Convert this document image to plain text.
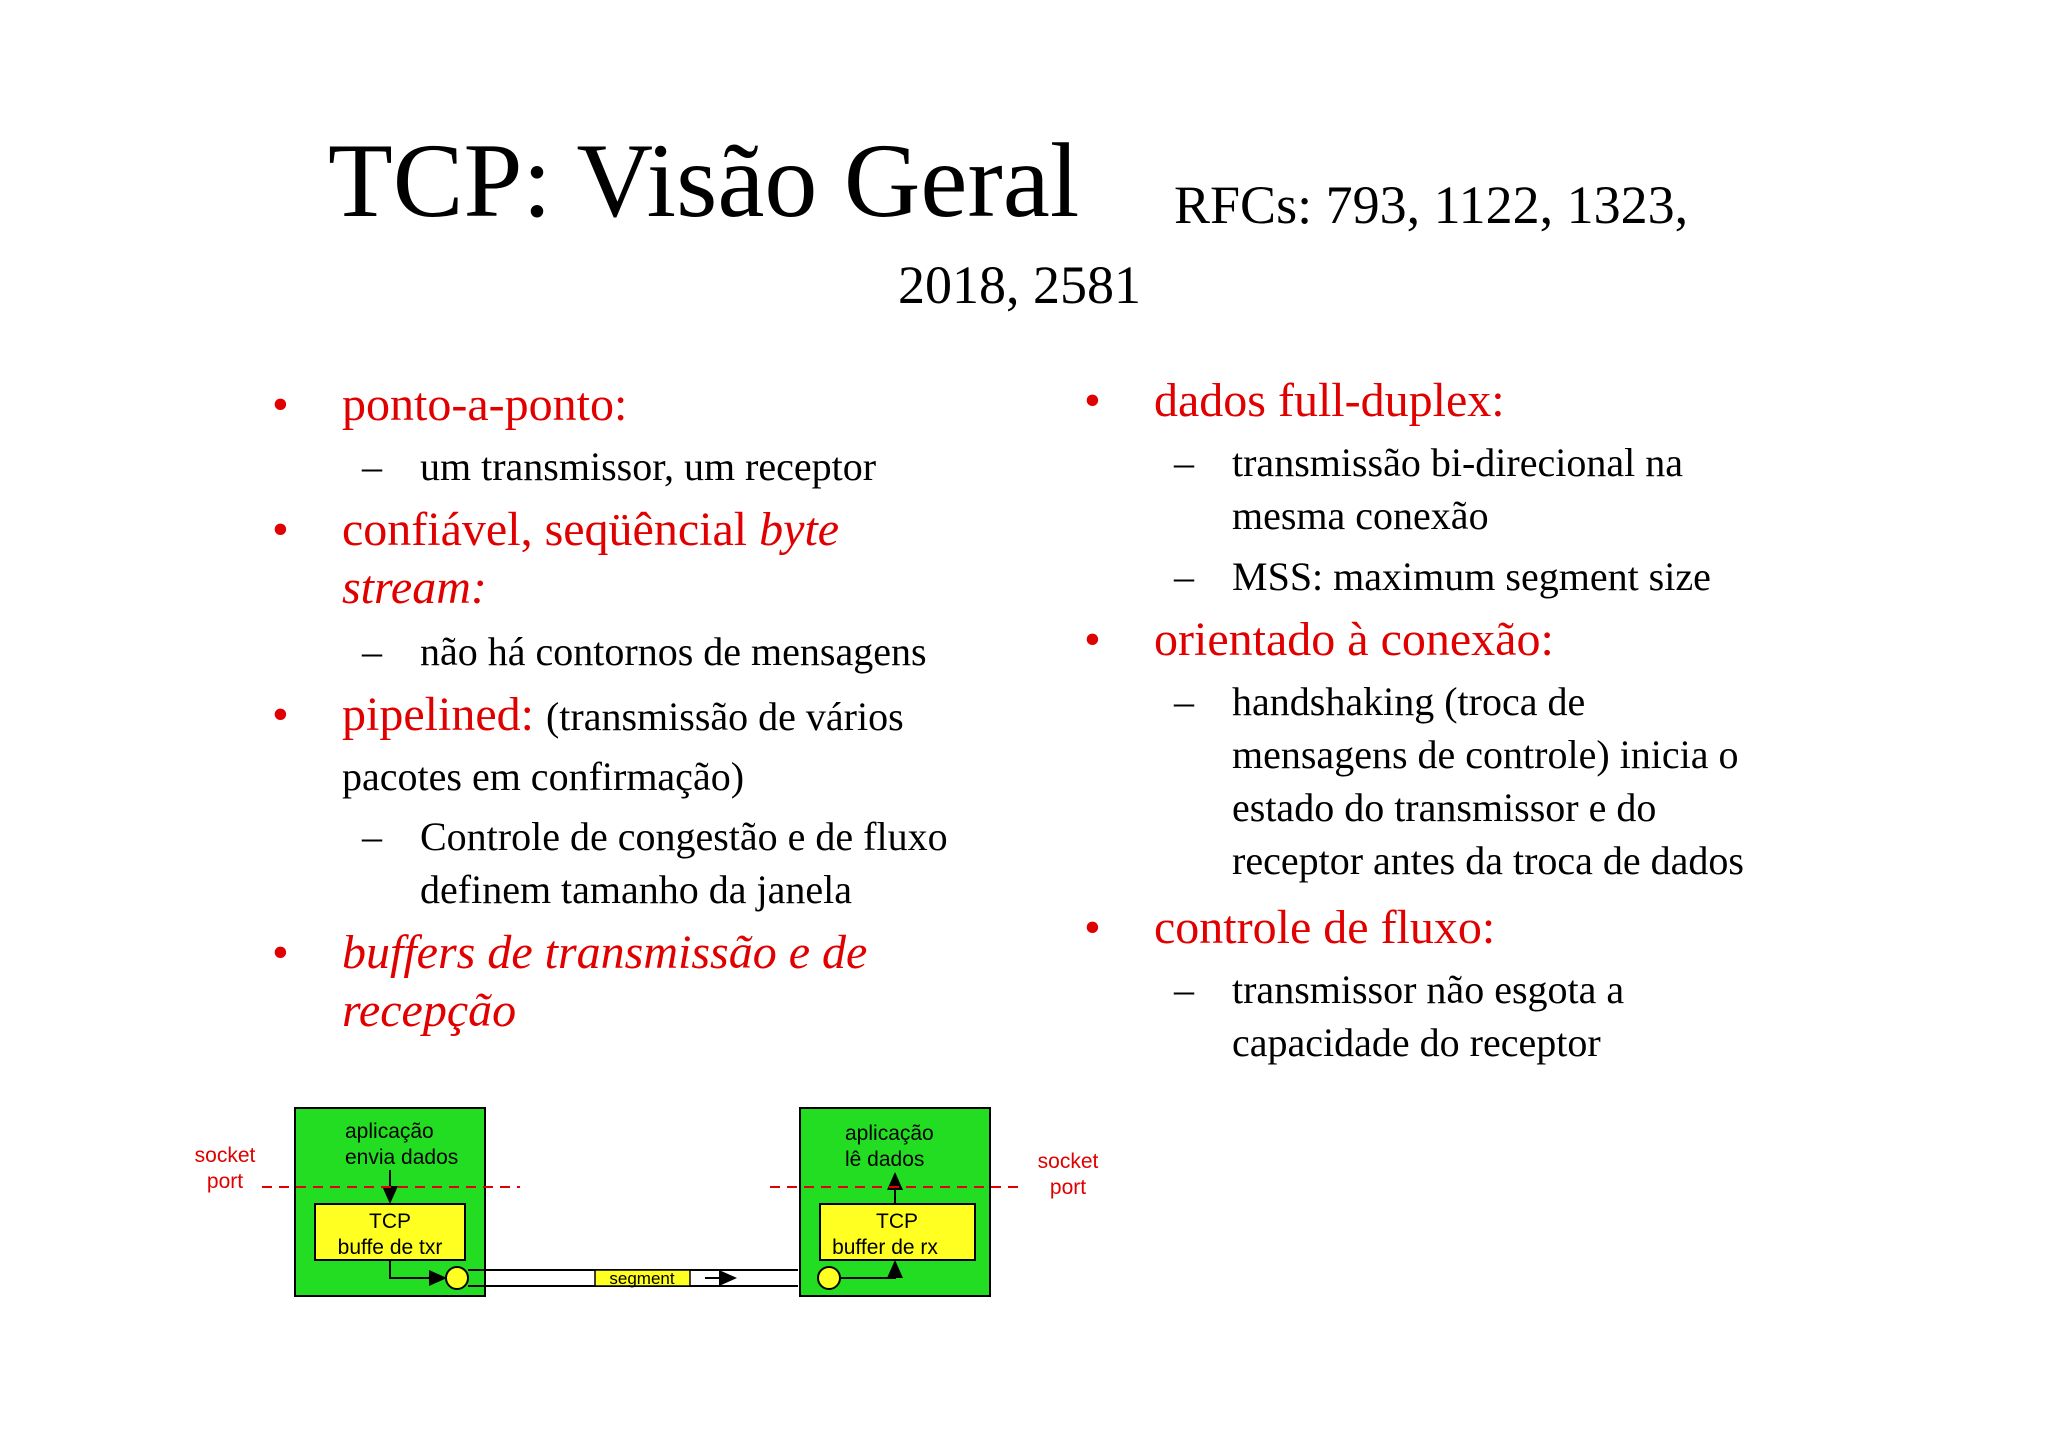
TCP: Visão Geral RFCs: 793, 1122, 1323,
2018, 2581
• ponto-a-ponto:
– um transmissor, um receptor
• confiável, seqüêncial byte
stream:
– não há contornos de mensagens
• pipelined: (transmissão de vários
pacotes em confirmação)
– Controle de congestão e de fluxo
definem tamanho da janela
• buffers de transmissão e de
recepção
• dados full-duplex:
– transmissão bi-direcional na
mesma conexão
– MSS: maximum segment size
• orientado à conexão:
– handshaking (troca de
mensagens de controle) inicia o
estado do transmissor e do
receptor antes da troca de dados
• controle de fluxo:
– transmissor não esgota a
capacidade do receptor
aplicação
envia dados
TCP
buffe de txr
socket
port
segment
aplicação
lê dados
TCP
buffer de rx
socket
port
